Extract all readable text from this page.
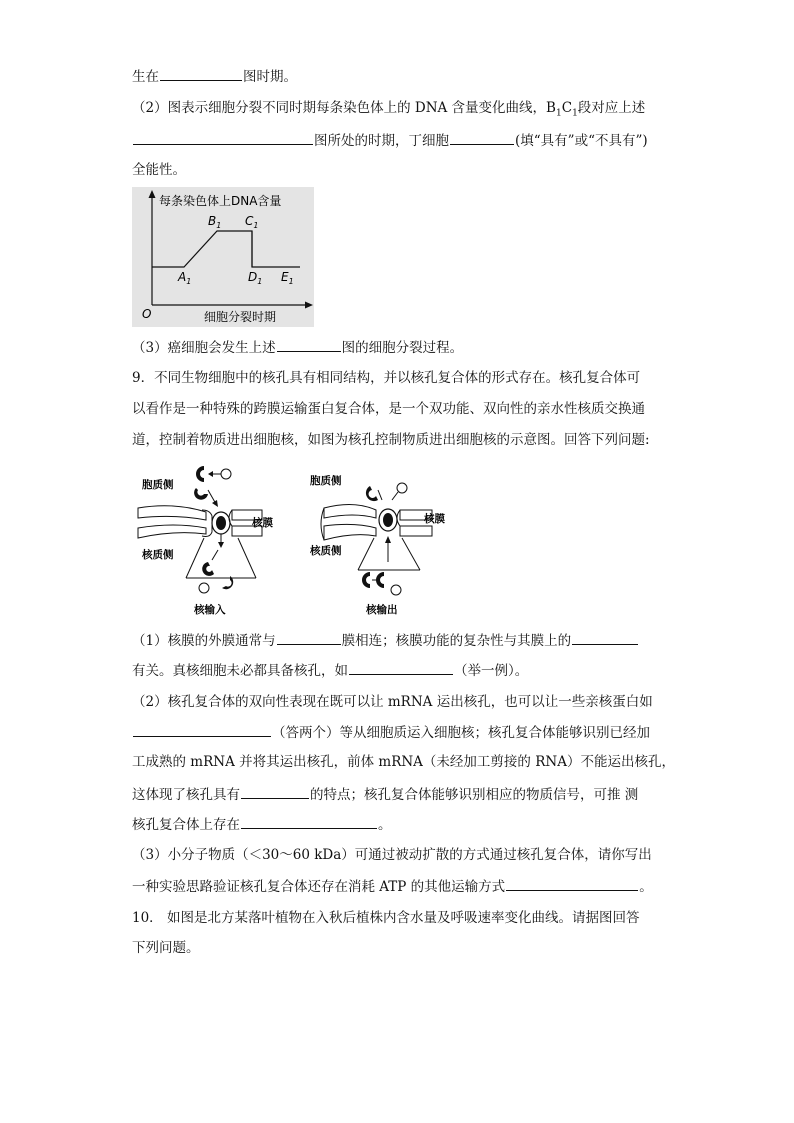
生在	图时期。
（2）图表示细胞分裂不同时期每条染色体上的 DNA 含量变化曲线，$B_1C_1$段对应上述
图所处的时期，丁细胞	(填“具有”或“不具有”)
全能性。
每条染色体上DNA含量
细胞分裂时期
O
$A_1$
$B_1$ $C_1$
$D_1$ $E_1$
（3）癌细胞会发生上述	图的细胞分裂过程。
9．不同生物细胞中的核孔具有相同结构，并以核孔复合体的形式存在。核孔复合体可
以看作是一种特殊的跨膜运输蛋白复合体，是一个双功能、双向性的亲水性核质交换通
道，控制着物质进出细胞核，如图为核孔控制物质进出细胞核的示意图。回答下列问题:
胞质侧
核膜
核质侧
核输入
胞质侧
核膜
核质侧
核输出
（1）核膜的外膜通常与	膜相连；核膜功能的复杂性与其膜上的
有关。真核细胞未必都具备核孔，如	（举一例）。
（2）核孔复合体的双向性表现在既可以让 mRNA 运出核孔，也可以让一些亲核蛋白如
（答两个）等从细胞质运入细胞核；核孔复合体能够识别已经加
工成熟的 mRNA 并将其运出核孔，前体 mRNA（未经加工剪接的 RNA）不能运出核孔，
这体现了核孔具有	的特点；核孔复合体能够识别相应的物质信号，可推 测
核孔复合体上存在	。
（3）小分子物质（＜30～60 kDa）可通过被动扩散的方式通过核孔复合体，请你写出
一种实验思路验证核孔复合体还存在消耗 ATP 的其他运输方式	。
10． 如图是北方某落叶植物在入秋后植株内含水量及呼吸速率变化曲线。请据图回答
下列问题。
